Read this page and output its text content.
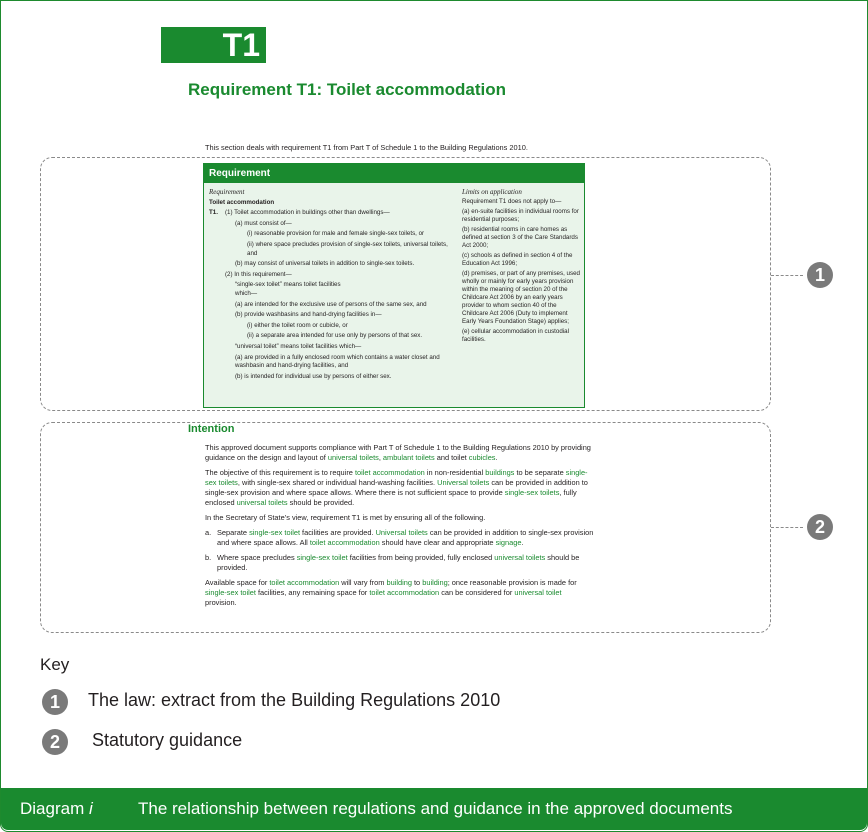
T1
Requirement T1: Toilet accommodation
This section deals with requirement T1 from Part T of Schedule 1 to the Building Regulations 2010.
1
2
Requirement
Requirement
Toilet accommodation
T1. (1) Toilet accommodation in buildings other than dwellings—
(a) must consist of—
(i) reasonable provision for male and female single-sex toilets, or
(ii) where space precludes provision of single-sex toilets, universal toilets, and
(b) may consist of universal toilets in addition to single-sex toilets.
(2) In this requirement—
“single-sex toilet” means toilet facilities which—
(a) are intended for the exclusive use of persons of the same sex, and
(b) provide washbasins and hand-drying facilities in—
(i) either the toilet room or cubicle, or
(ii) a separate area intended for use only by persons of that sex.
“universal toilet” means toilet facilities which—
(a) are provided in a fully enclosed room which contains a water closet and washbasin and hand-drying facilities, and
(b) is intended for individual use by persons of either sex.
Limits on application
Requirement T1 does not apply to—
(a) en-suite facilities in individual rooms for residential purposes;
(b) residential rooms in care homes as defined at section 3 of the Care Standards Act 2000;
(c) schools as defined in section 4 of the Education Act 1996;
(d) premises, or part of any premises, used wholly or mainly for early years provision within the meaning of section 20 of the Childcare Act 2006 by an early years provider to whom section 40 of the Childcare Act 2006 (Duty to implement Early Years Foundation Stage) applies;
(e) cellular accommodation in custodial facilities.
Intention

This approved document supports compliance with Part T of Schedule 1 to the Building Regulations 2010 by providing guidance on the design and layout of universal toilets, ambulant toilets and toilet cubicles.

The objective of this requirement is to require toilet accommodation in non-residential buildings to be separate single-sex toilets, with single-sex shared or individual hand-washing facilities. Universal toilets can be provided in addition to single-sex provision and where space allows. Where there is not sufficient space to provide single-sex toilets, fully enclosed universal toilets should be provided.

In the Secretary of State’s view, requirement T1 is met by ensuring all of the following.

a. Separate single-sex toilet facilities are provided. Universal toilets can be provided in addition to single-sex provision and where space allows. All toilet accommodation should have clear and appropriate signage.

b. Where space precludes single-sex toilet facilities from being provided, fully enclosed universal toilets should be provided.

Available space for toilet accommodation will vary from building to building; once reasonable provision is made for single-sex toilet facilities, any remaining space for toilet accommodation can be considered for universal toilet provision.

Key
1 The law: extract from the Building Regulations 2010
2 Statutory guidance
Diagram i	The relationship between regulations and guidance in the approved documents
